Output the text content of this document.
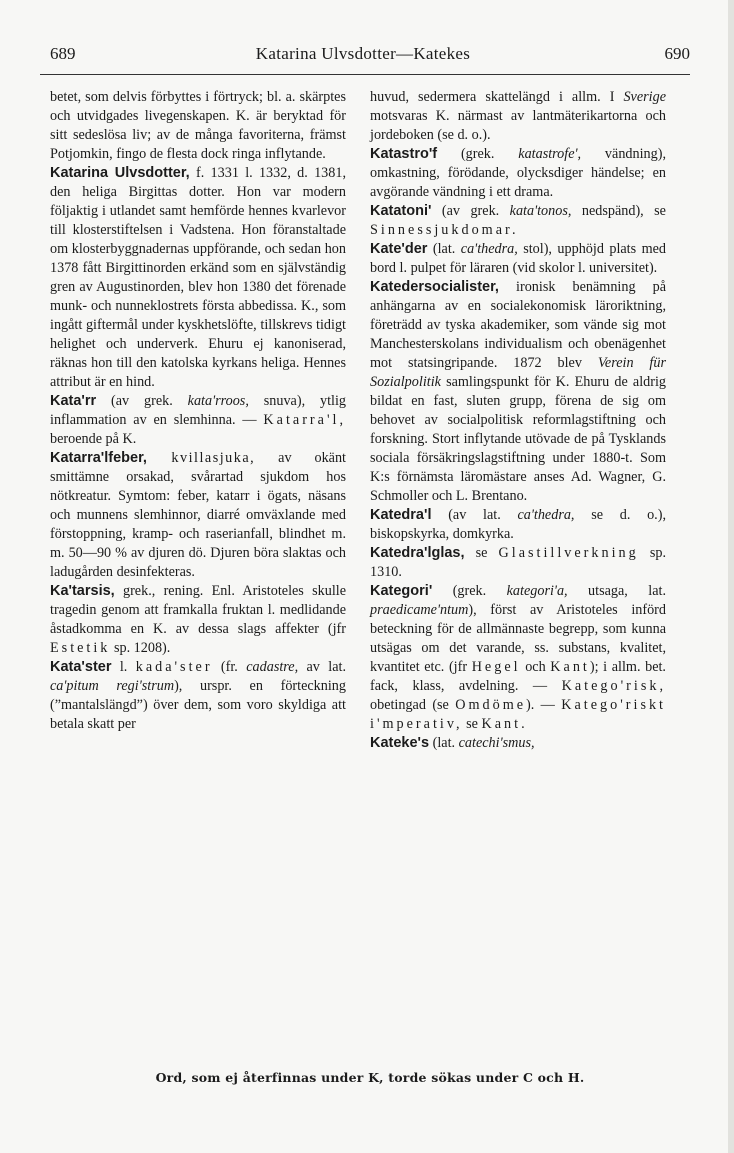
689	Katarina Ulvsdotter—Katekes	690

betet, som delvis förbyttes i förtryck; bl. a. skärptes och utvidgades livegenskapen. K. är beryktad för sitt sedeslösa liv; av de många favoriterna, främst Potjomkin, fingo de flesta dock ringa inflytande.

Katarina Ulvsdotter, f. 1331 l. 1332, d. 1381, den heliga Birgittas dotter. Hon var modern följaktig i utlandet samt hemförde hennes kvarlevor till klosterstiftelsen i Vadstena. Hon föranstaltade om klosterbyggnadernas uppförande, och sedan hon 1378 fått Birgittinorden erkänd som en självständig gren av Augustinorden, blev hon 1380 det förenade munk- och nunneklostrets första abbedissa. K., som ingått giftermål under kyskhetslöfte, tillskrevs tidigt helighet och underverk. Ehuru ej kanoniserad, räknas hon till den katolska kyrkans heliga. Hennes attribut är en hind.

Kata'rr (av grek. kata'rroos, snuva), ytlig inflammation av en slemhinna. — Katarra'l, beroende på K.

Katarra'lfeber, kvillasjuka, av okänt smittämne orsakad, svårartad sjukdom hos nötkreatur. Symtom: feber, katarr i ögats, näsans och munnens slemhinnor, diarré omväxlande med förstoppning, kramp- och raserianfall, blindhet m. m. 50—90 % av djuren dö. Djuren böra slaktas och ladugården desinfekteras.

Ka'tarsis, grek., rening. Enl. Aristoteles skulle tragedin genom att framkalla fruktan l. medlidande åstadkomma en K. av dessa slags affekter (jfr Estetik sp. 1208).

Kata'ster l. kada'ster (fr. cadastre, av lat. ca'pitum regi'strum), urspr. en förteckning (”mantalslängd”) över dem, som voro skyldiga att betala skatt per

huvud, sedermera skattelängd i allm. I Sverige motsvaras K. närmast av lantmäterikartorna och jordeboken (se d. o.).

Katastro'f (grek. katastrofe', vändning), omkastning, förödande, olycksdiger händelse; en avgörande vändning i ett drama.

Katatoni' (av grek. kata'tonos, nedspänd), se Sinnessjukdomar.

Kate'der (lat. ca'thedra, stol), upphöjd plats med bord l. pulpet för läraren (vid skolor l. universitet).

Katedersocialister, ironisk benämning på anhängarna av en socialekonomisk läroriktning, företrädd av tyska akademiker, som vände sig mot Manchesterskolans individualism och obenägenhet mot statsingripande. 1872 blev Verein für Sozialpolitik samlingspunkt för K. Ehuru de aldrig bildat en fast, sluten grupp, förena de sig om behovet av socialpolitisk reformlagstiftning och forskning. Stort inflytande utövade de på Tysklands sociala försäkringslagstiftning under 1880-t. Som K:s förnämsta läromästare anses Ad. Wagner, G. Schmoller och L. Brentano.

Katedra'l (av lat. ca'thedra, se d. o.), biskopskyrka, domkyrka.

Katedra'lglas, se Glastillverkning sp. 1310.

Kategori' (grek. kategori'a, utsaga, lat. praedicame'ntum), först av Aristoteles införd beteckning för de allmännaste begrepp, som kunna utsägas om det varande, ss. substans, kvalitet, kvantitet etc. (jfr Hegel och Kant); i allm. bet. fack, klass, avdelning. — Katego'risk, obetingad (se Omdöme). — Katego'riskt i'mperativ, se Kant.

Kateke's (lat. catechi'smus,

Ord, som ej återfinnas under K, torde sökas under C och H.
